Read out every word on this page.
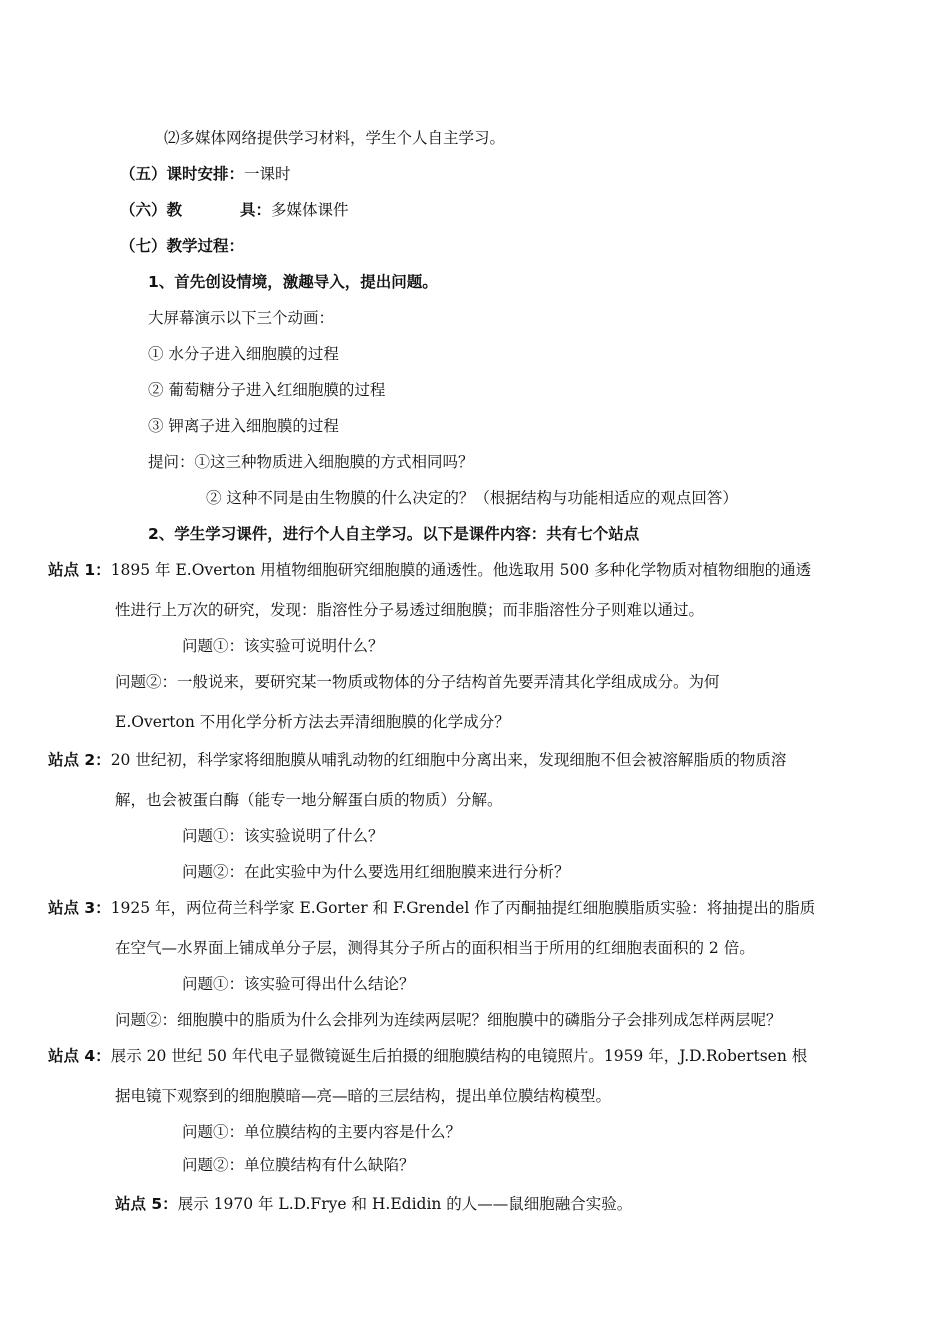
⑵多媒体网络提供学习材料，学生个人自主学习。
（五）课时安排：一课时
（六）教	具：多媒体课件
（七）教学过程：
1、首先创设情境，激趣导入，提出问题。
大屏幕演示以下三个动画：
① 水分子进入细胞膜的过程
② 葡萄糖分子进入红细胞膜的过程
③ 钾离子进入细胞膜的过程
提问：①这三种物质进入细胞膜的方式相同吗？
② 这种不同是由生物膜的什么决定的？（根据结构与功能相适应的观点回答）
2、学生学习课件，进行个人自主学习。以下是课件内容：共有七个站点
站点 1：1895 年 E.Overton 用植物细胞研究细胞膜的通透性。他选取用 500 多种化学物质对植物细胞的通透
性进行上万次的研究，发现：脂溶性分子易透过细胞膜；而非脂溶性分子则难以通过。
问题①：该实验可说明什么？
问题②：一般说来，要研究某一物质或物体的分子结构首先要弄清其化学组成成分。为何
E.Overton 不用化学分析方法去弄清细胞膜的化学成分？
站点 2：20 世纪初，科学家将细胞膜从哺乳动物的红细胞中分离出来，发现细胞不但会被溶解脂质的物质溶
解，也会被蛋白酶（能专一地分解蛋白质的物质）分解。
问题①：该实验说明了什么？
问题②：在此实验中为什么要选用红细胞膜来进行分析？
站点 3：1925 年，两位荷兰科学家 E.Gorter 和 F.Grendel 作了丙酮抽提红细胞膜脂质实验：将抽提出的脂质
在空气—水界面上铺成单分子层，测得其分子所占的面积相当于所用的红细胞表面积的 2 倍。
问题①：该实验可得出什么结论？
问题②：细胞膜中的脂质为什么会排列为连续两层呢？细胞膜中的磷脂分子会排列成怎样两层呢？
站点 4：展示 20 世纪 50 年代电子显微镜诞生后拍摄的细胞膜结构的电镜照片。1959 年，J.D.Robertsen 根
据电镜下观察到的细胞膜暗—亮—暗的三层结构，提出单位膜结构模型。
问题①：单位膜结构的主要内容是什么？
问题②：单位膜结构有什么缺陷？
站点 5：展示 1970 年 L.D.Frye 和 H.Edidin 的人——鼠细胞融合实验。
